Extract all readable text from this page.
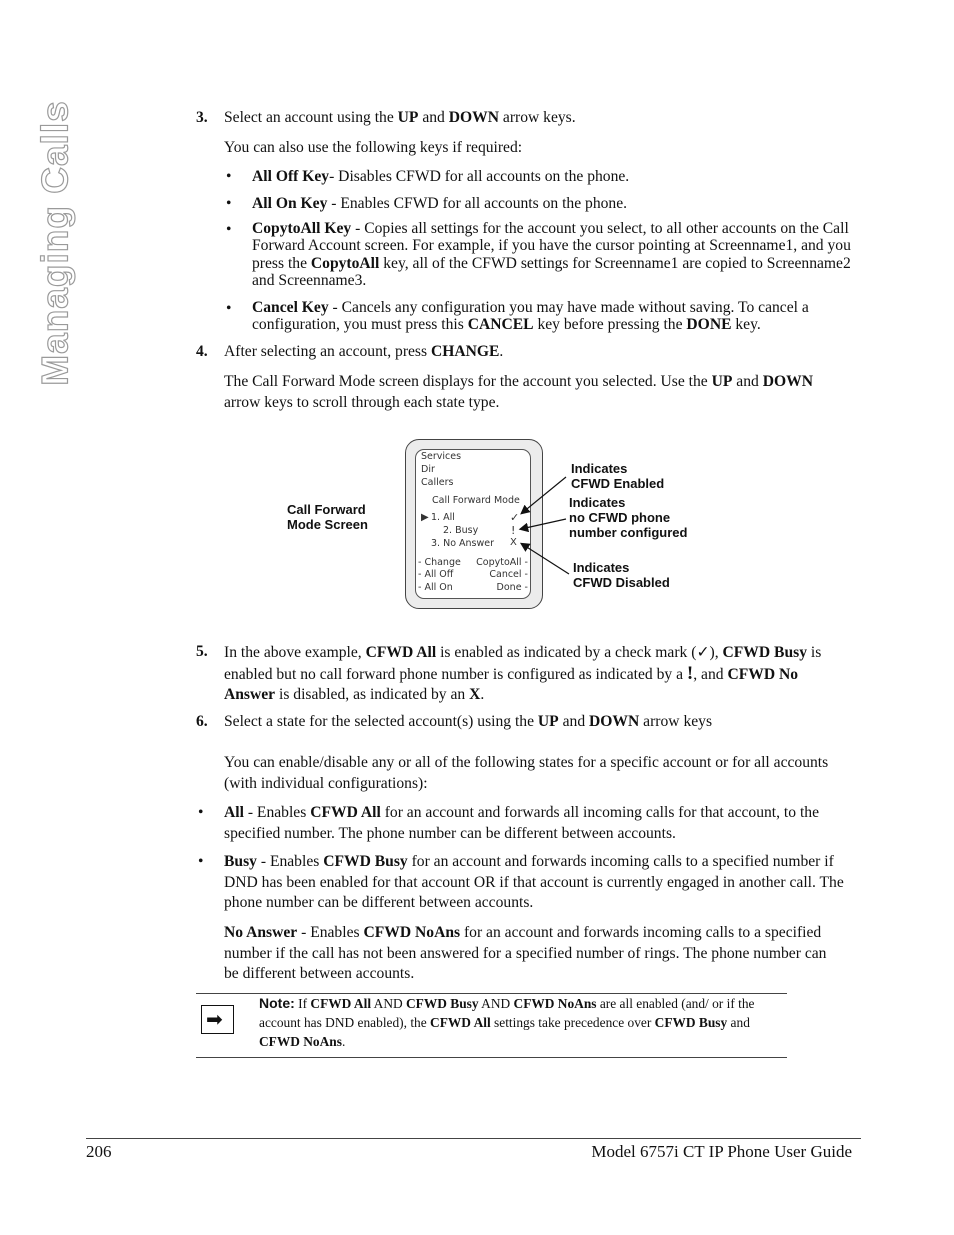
Managing Calls	3. Select an account using the UP and DOWN arrow keys.
You can also use the following keys if required:
• All Off Key- Disables CFWD for all accounts on the phone.
• All On Key - Enables CFWD for all accounts on the phone.
• CopytoAll Key - Copies all settings for the account you select, to all other accounts on the Call Forward Account screen. For example, if you have the cursor pointing at Screenname1, and you press the CopytoAll key, all of the CFWD settings for Screenname1 are copied to Screenname2 and Screenname3.
• Cancel Key - Cancels any configuration you may have made without saving. To cancel a configuration, you must press this CANCEL key before pressing the DONE key.
4. After selecting an account, press CHANGE.
The Call Forward Mode screen displays for the account you selected. Use the UP and DOWN arrow keys to scroll through each state type.
Call Forward
Mode Screen
Services
Dir
Callers
Call Forward Mode
▶ 1. All
2. Busy
3. No Answer
✓
!
X
- Change
- All Off
- All On
CopytoAll -
Cancel -
Done -
Indicates
CFWD Enabled
Indicates
no CFWD phone
number configured
Indicates
CFWD Disabled
5. In the above example, CFWD All is enabled as indicated by a check mark (✓), CFWD Busy is enabled but no call forward phone number is configured as indicated by a !, and CFWD No Answer is disabled, as indicated by an X.
6. Select a state for the selected account(s) using the UP and DOWN arrow keys
You can enable/disable any or all of the following states for a specific account or for all accounts (with individual configurations):
• All - Enables CFWD All for an account and forwards all incoming calls for that account, to the specified number. The phone number can be different between accounts.
• Busy - Enables CFWD Busy for an account and forwards incoming calls to a specified number if DND has been enabled for that account OR if that account is currently engaged in another call. The phone number can be different between accounts.
No Answer - Enables CFWD NoAns for an account and forwards incoming calls to a specified number if the call has not been answered for a specified number of rings. The phone number can be different between accounts.
➡
Note: If CFWD All AND CFWD Busy AND CFWD NoAns are all enabled (and/ or if the account has DND enabled), the CFWD All settings take precedence over CFWD Busy and CFWD NoAns.
206	Model 6757i CT IP Phone User Guide
